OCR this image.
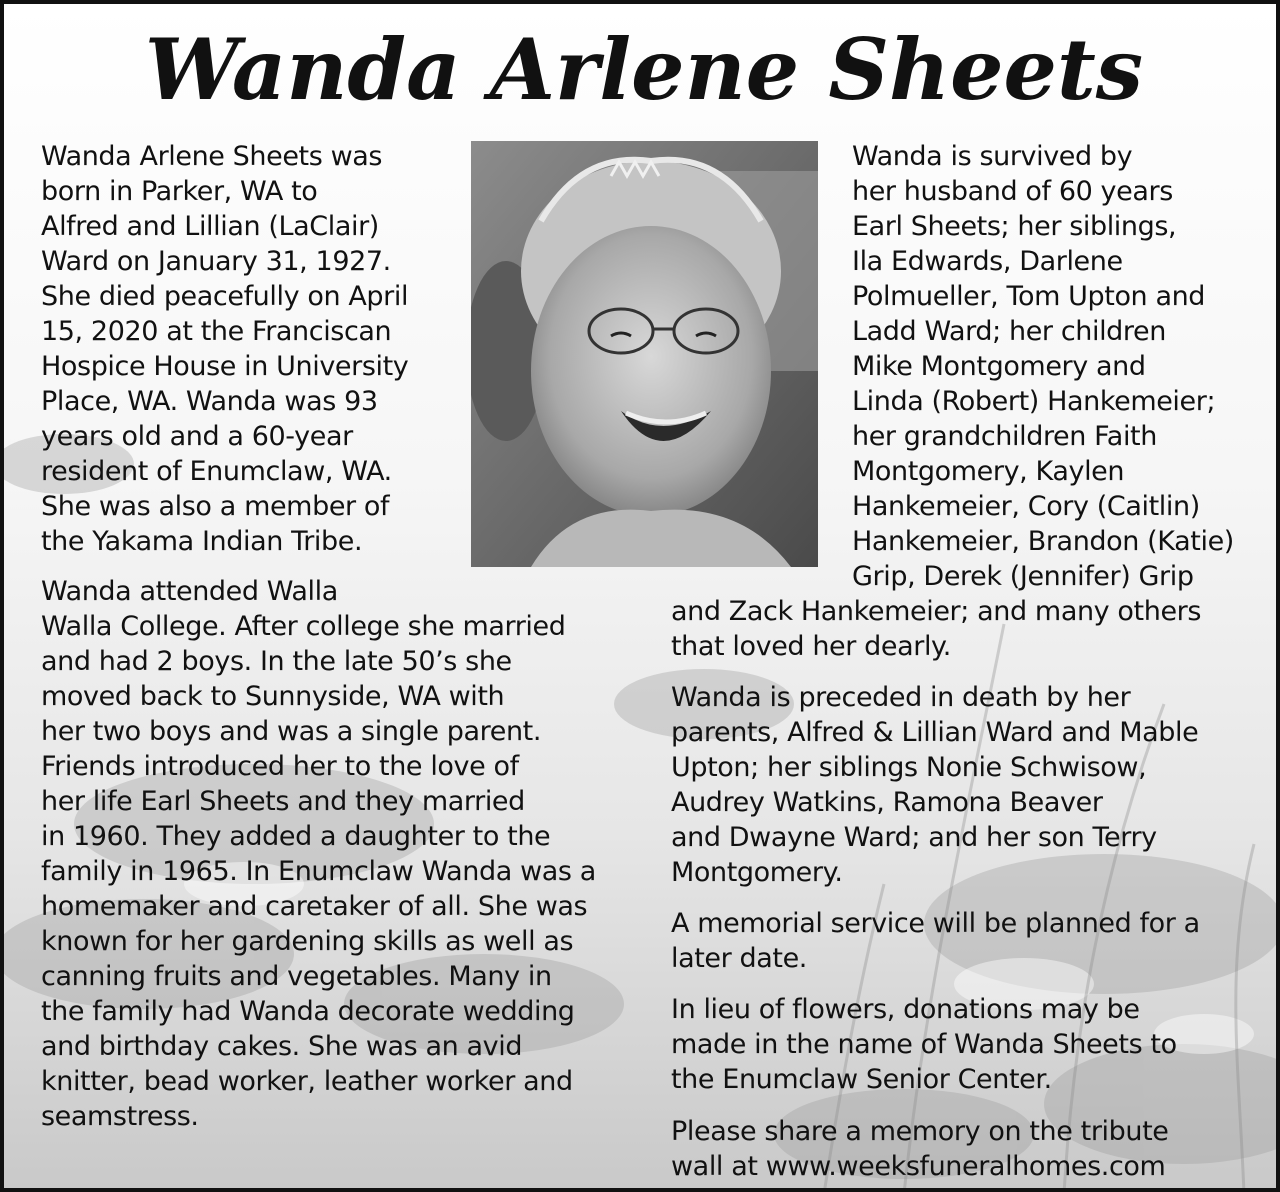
Wanda Arlene Sheets
Wanda Arlene Sheets was
born in Parker, WA to
Alfred and Lillian (LaClair)
Ward on January 31, 1927.
She died peacefully on April
15, 2020 at the Franciscan
Hospice House in University
Place, WA. Wanda was 93
years old and a 60-year
resident of Enumclaw, WA.
She was also a member of
the Yakama Indian Tribe.
Wanda attended Walla
Walla College. After college she married
and had 2 boys. In the late 50’s she
moved back to Sunnyside, WA with
her two boys and was a single parent.
Friends introduced her to the love of
her life Earl Sheets and they married
in 1960. They added a daughter to the
family in 1965. In Enumclaw Wanda was a
homemaker and caretaker of all. She was
known for her gardening skills as well as
canning fruits and vegetables. Many in
the family had Wanda decorate wedding
and birthday cakes. She was an avid
knitter, bead worker, leather worker and
seamstress.
Wanda is survived by
her husband of 60 years
Earl Sheets; her siblings,
Ila Edwards, Darlene
Polmueller, Tom Upton and
Ladd Ward; her children
Mike Montgomery and
Linda (Robert) Hankemeier;
her grandchildren Faith
Montgomery, Kaylen
Hankemeier, Cory (Caitlin)
Hankemeier, Brandon (Katie)
Grip, Derek (Jennifer) Grip
and Zack Hankemeier; and many others
that loved her dearly.
Wanda is preceded in death by her
parents, Alfred & Lillian Ward and Mable
Upton; her siblings Nonie Schwisow,
Audrey Watkins, Ramona Beaver
and Dwayne Ward; and her son Terry
Montgomery.
A memorial service will be planned for a
later date.
In lieu of flowers, donations may be
made in the name of Wanda Sheets to
the Enumclaw Senior Center.
Please share a memory on the tribute
wall at www.weeksfuneralhomes.com
